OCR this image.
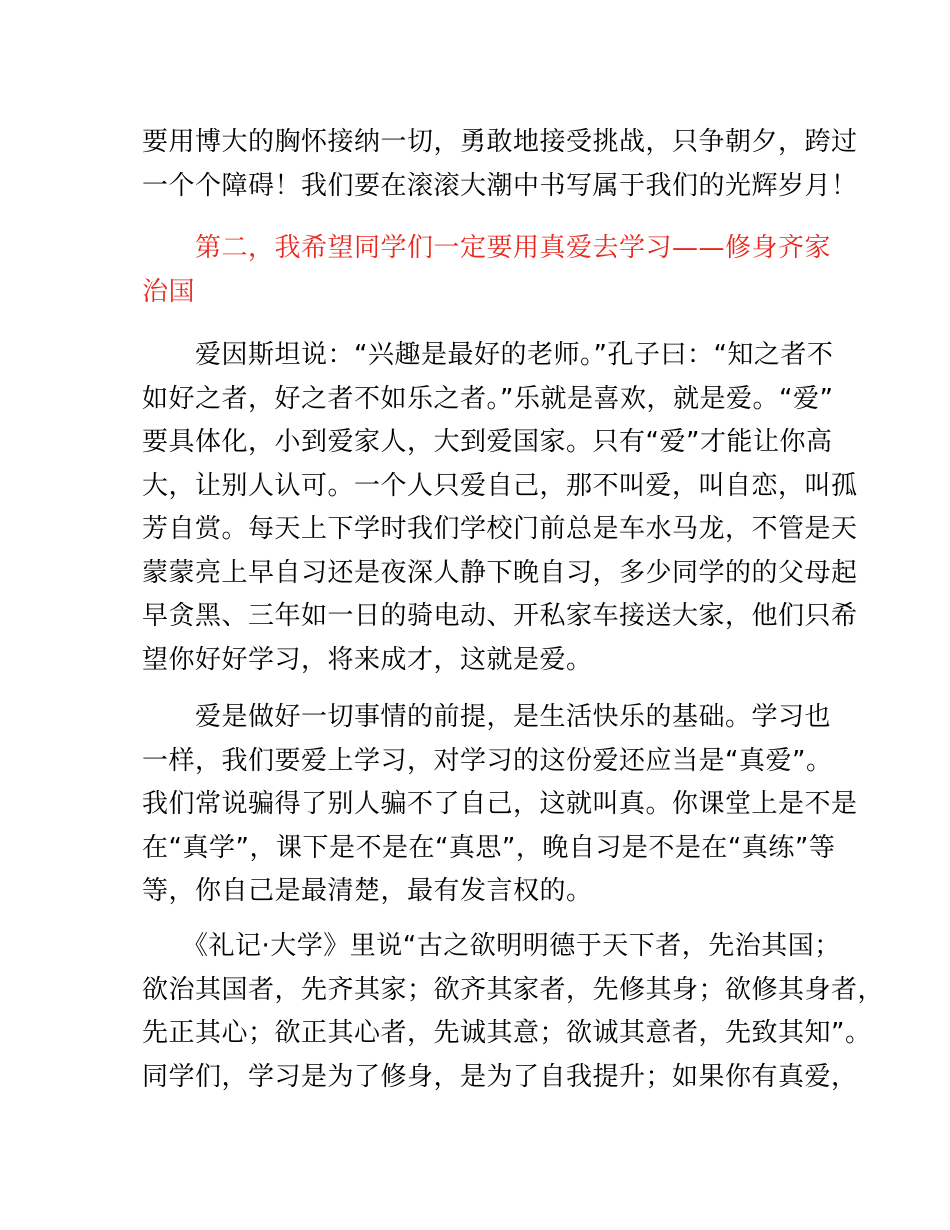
要用博大的胸怀接纳一切，勇敢地接受挑战，只争朝夕，跨过
一个个障碍！我们要在滚滚大潮中书写属于我们的光辉岁月！
　　第二，我希望同学们一定要用真爱去学习——修身齐家
治国
　　爱因斯坦说：“兴趣是最好的老师。”孔子曰：“知之者不
如好之者，好之者不如乐之者。”乐就是喜欢，就是爱。“爱”
要具体化，小到爱家人，大到爱国家。只有“爱”才能让你高
大，让别人认可。一个人只爱自己，那不叫爱，叫自恋，叫孤
芳自赏。每天上下学时我们学校门前总是车水马龙，不管是天
蒙蒙亮上早自习还是夜深人静下晚自习，多少同学的的父母起
早贪黑、三年如一日的骑电动、开私家车接送大家，他们只希
望你好好学习，将来成才，这就是爱。
　　爱是做好一切事情的前提，是生活快乐的基础。学习也
一样，我们要爱上学习，对学习的这份爱还应当是“真爱”。
我们常说骗得了别人骗不了自己，这就叫真。你课堂上是不是
在“真学”，课下是不是在“真思”，晚自习是不是在“真练”等
等，你自己是最清楚，最有发言权的。
　　《礼记·大学》里说“古之欲明明德于天下者，先治其国；
欲治其国者，先齐其家；欲齐其家者，先修其身；欲修其身者，
先正其心；欲正其心者，先诚其意；欲诚其意者，先致其知”。
同学们，学习是为了修身，是为了自我提升；如果你有真爱，
